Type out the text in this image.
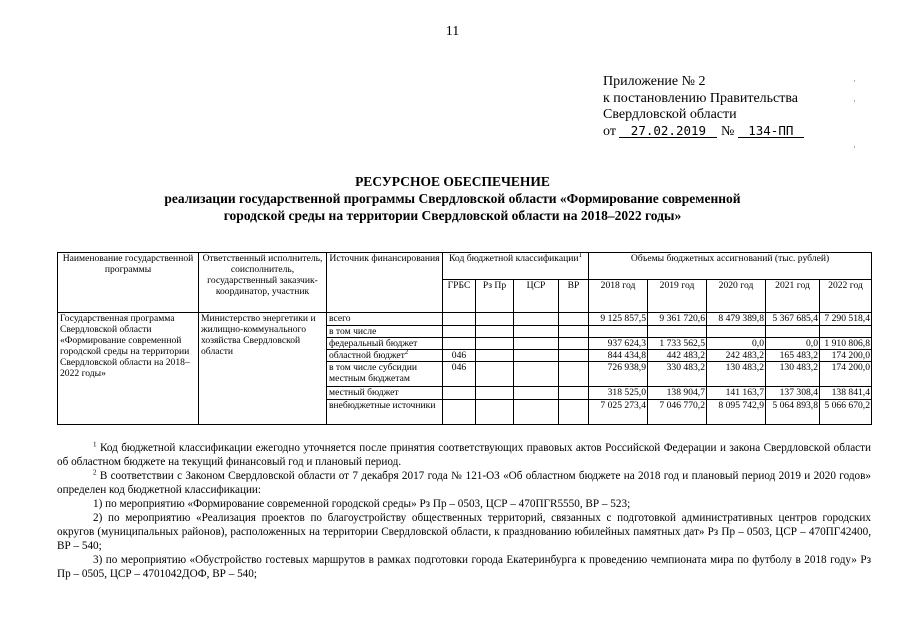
11
Приложение № 2
к постановлению Правительства
Свердловской области
от 27.02.2019 № 134-ПП
·
·
·
РЕСУРСНОЕ ОБЕСПЕЧЕНИЕ
реализации государственной программы Свердловской области «Формирование современной
городской среды на территории Свердловской области на 2018–2022 годы»
Наименование государственной программы	Ответственный исполнитель, соисполнитель, государственный заказчик-координатор, участник	Источник финансирования	Код бюджетной классификации$^1$				Объемы бюджетных ассигнований (тыс. рублей)				
			ГРБС	Рз Пр	ЦСР	ВР	2018 год	2019 год	2020 год	2021 год	2022 год
Государственная программа Свердловской области «Формирование современной городской среды на территории Свердловской области на 2018–2022 годы»	Министерство энергетики и жилищно-коммунального хозяйства Свердловской области	всего					9 125 857,5	9 361 720,6	8 479 389,8	5 367 685,4	7 290 518,4
		в том числе									
		федеральный бюджет					937 624,3	1 733 562,5	0,0	0,0	1 910 806,8
		областной бюджет$^2$	046				844 434,8	442 483,2	242 483,2	165 483,2	174 200,0
		в том числе субсидии местным бюджетам	046				726 938,9	330 483,2	130 483,2	130 483,2	174 200,0
		местный бюджет					318 525,0	138 904,7	141 163,7	137 308,4	138 841,4
		внебюджетные источники					7 025 273,4	7 046 770,2	8 095 742,9	5 064 893,8	5 066 670,2

$^1$ Код бюджетной классификации ежегодно уточняется после принятия соответствующих правовых актов Российской Федерации и закона Свердловской области об областном бюджете на текущий финансовый год и плановый период.

$^2$ В соответствии с Законом Свердловской области от 7 декабря 2017 года № 121-ОЗ «Об областном бюджете на 2018 год и плановый период 2019 и 2020 годов» определен код бюджетной классификации:

1) по мероприятию «Формирование современной городской среды» Рз Пр – 0503, ЦСР – 470ПГR5550, ВР – 523;

2) по мероприятию «Реализация проектов по благоустройству общественных территорий, связанных с подготовкой административных центров городских округов (муниципальных районов), расположенных на территории Свердловской области, к празднованию юбилейных памятных дат» Рз Пр – 0503, ЦСР – 470ПГ42400, ВР – 540;

3) по мероприятию «Обустройство гостевых маршрутов в рамках подготовки города Екатеринбурга к проведению чемпионата мира по футболу в 2018 году» Рз Пр – 0505, ЦСР – 4701042ДОФ, ВР – 540;
